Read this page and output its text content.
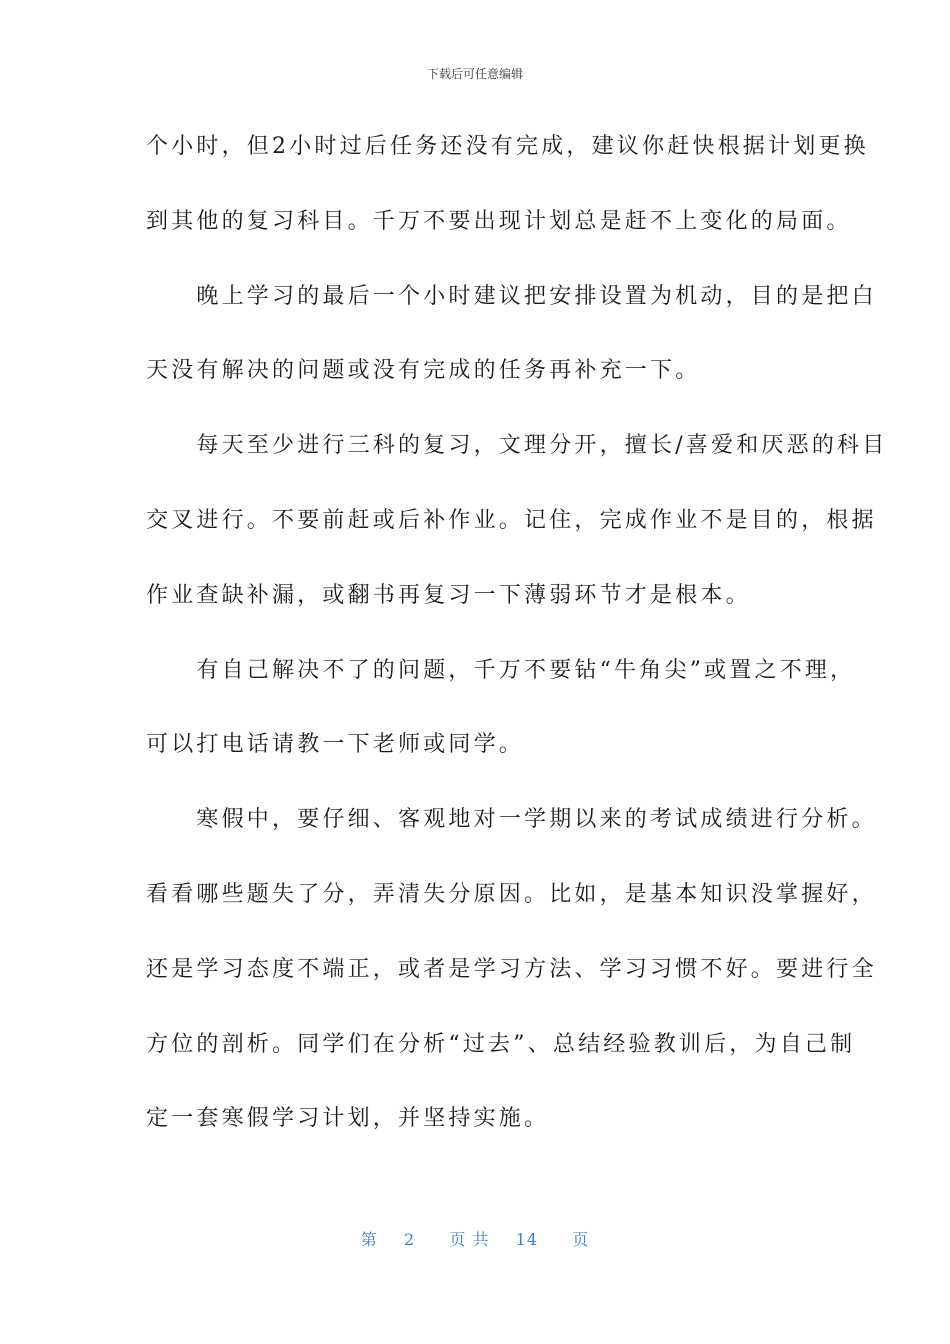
下载后可任意编辑
个小时，但2小时过后任务还没有完成，建议你赶快根据计划更换
到其他的复习科目。千万不要出现计划总是赶不上变化的局面。
　　晚上学习的最后一个小时建议把安排设置为机动，目的是把白
天没有解决的问题或没有完成的任务再补充一下。
　　每天至少进行三科的复习，文理分开，擅长/喜爱和厌恶的科目
交叉进行。不要前赶或后补作业。记住，完成作业不是目的，根据
作业查缺补漏，或翻书再复习一下薄弱环节才是根本。
　　有自己解决不了的问题，千万不要钻“牛角尖”或置之不理，
可以打电话请教一下老师或同学。
　　寒假中，要仔细、客观地对一学期以来的考试成绩进行分析。
看看哪些题失了分，弄清失分原因。比如，是基本知识没掌握好，
还是学习态度不端正，或者是学习方法、学习习惯不好。要进行全
方位的剖析。同学们在分析“过去”、总结经验教训后，为自己制
定一套寒假学习计划，并坚持实施。
第 2 页 共 14 页
